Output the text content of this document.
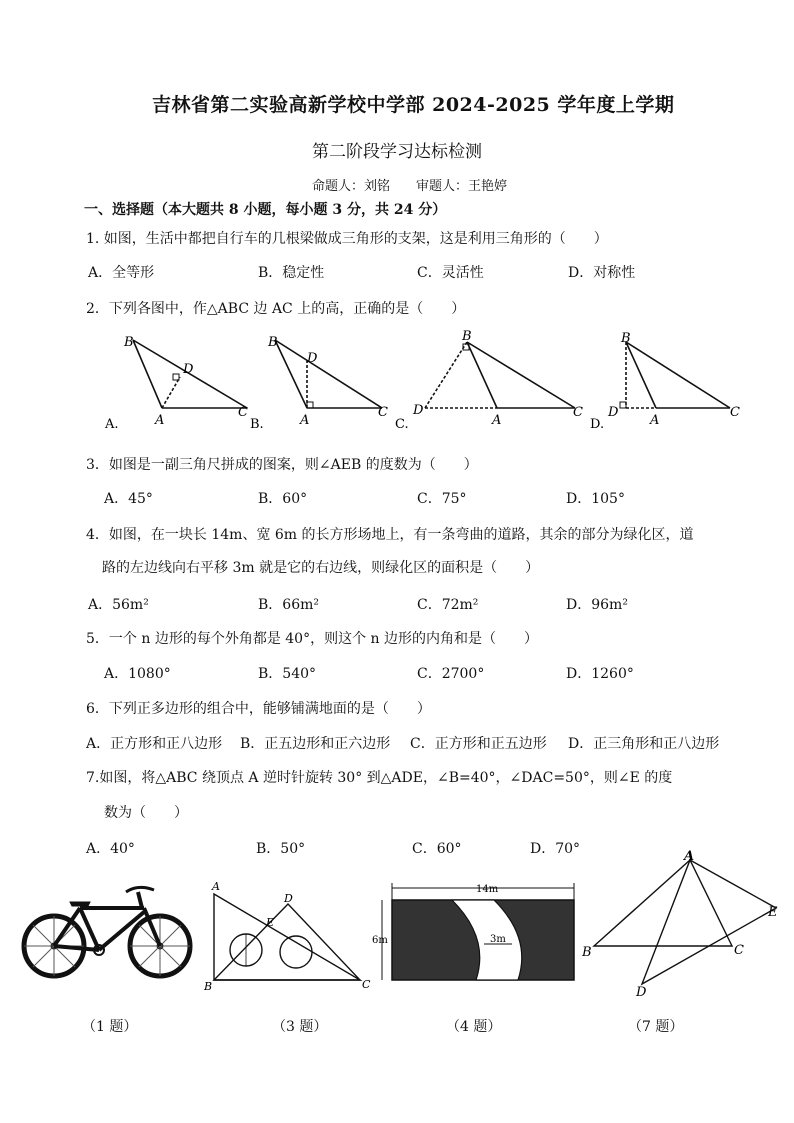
吉林省第二实验高新学校中学部 2024-2025 学年度上学期
第二阶段学习达标检测
命题人：刘铭　　审题人：王艳婷
一、选择题（本大题共 8 小题，每小题 3 分，共 24 分）
1. 如图，生活中都把自行车的几根梁做成三角形的支架，这是利用三角形的（　　）
A．全等形	B．稳定性	C．灵活性	D．对称性
2．下列各图中，作△ABC 边 AC 上的高，正确的是（　　）
B
D
A
C
A.
B
D
A
C
B.
B
D
A
C
C.
B
D
A
C
D.
3．如图是一副三角尺拼成的图案，则∠AEB 的度数为（　　）
A．45°	B．60°	C．75°	D．105°
4．如图，在一块长 14m、宽 6m 的长方形场地上，有一条弯曲的道路，其余的部分为绿化区，道
路的左边线向右平移 3m 就是它的右边线，则绿化区的面积是（　　）
A．56m²	B．66m²	C．72m²	D．96m²
5．一个 n 边形的每个外角都是 40°，则这个 n 边形的内角和是（　　）
A．1080°	B．540°	C．2700°	D．1260°
6．下列正多边形的组合中，能够铺满地面的是（　　）
A．正方形和正八边形 B．正五边形和正六边形 C．正方形和正五边形 D．正三角形和正八边形
7.如图，将△ABC 绕顶点 A 逆时针旋转 30° 到△ADE，∠B=40°，∠DAC=50°，则∠E 的度
数为（　　）
A．40°	B．50°	C．60°	D．70°
A
D
E
B	C
14m
6m	3m
A
B	C
D
E
（1 题）	（3 题）	（4 题）	（7 题）
